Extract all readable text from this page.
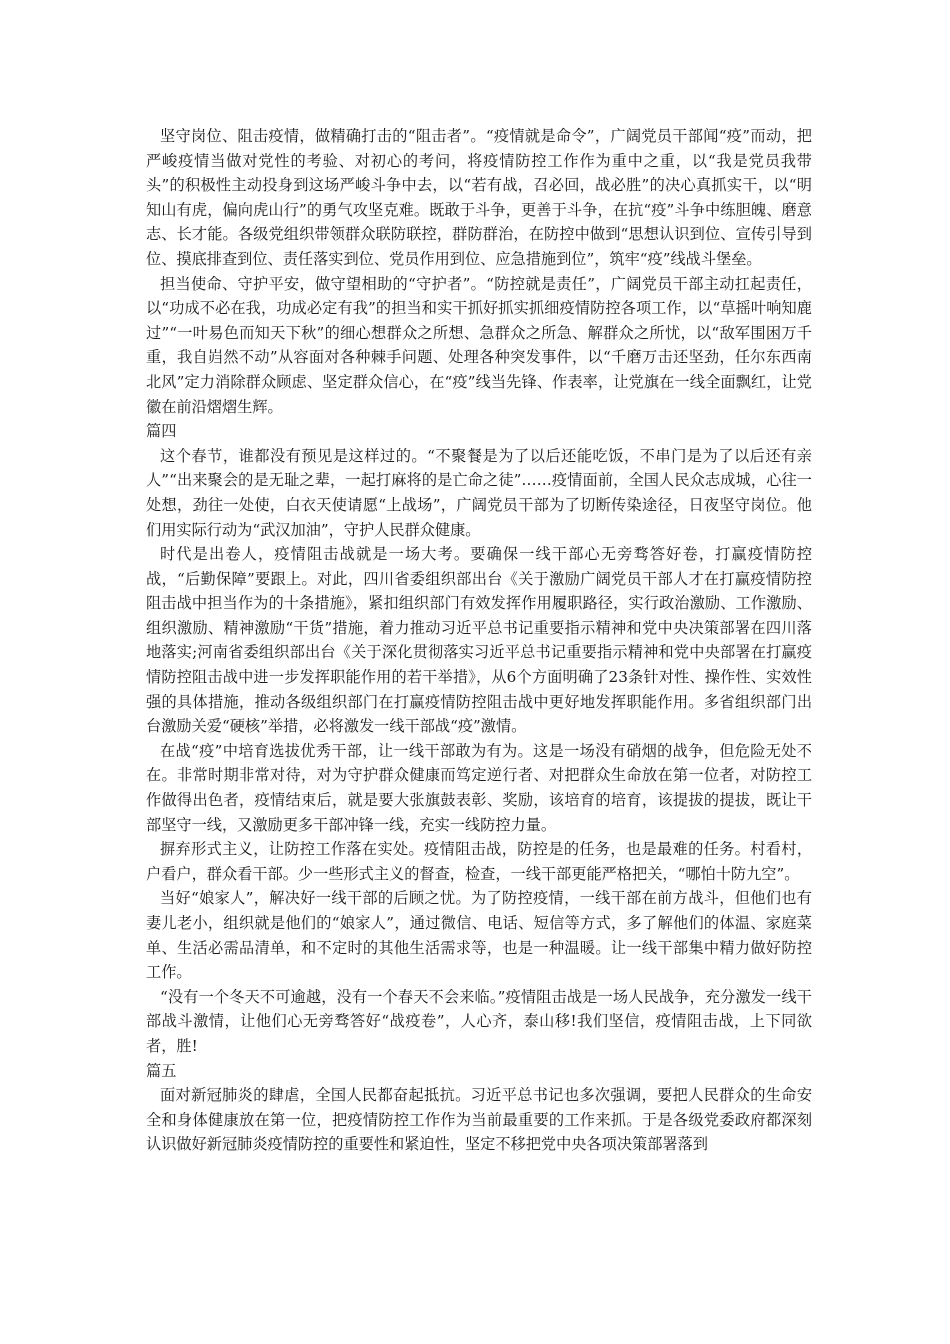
坚守岗位、阻击疫情，做精确打击的“阻击者”。“疫情就是命令”，广阔党员干部闻“疫”而动，把严峻疫情当做对党性的考验、对初心的考问，将疫情防控工作作为重中之重，以“我是党员我带头”的积极性主动投身到这场严峻斗争中去，以“若有战，召必回，战必胜”的决心真抓实干，以“明知山有虎，偏向虎山行”的勇气攻坚克难。既敢于斗争，更善于斗争，在抗“疫”斗争中练胆魄、磨意志、长才能。各级党组织带领群众联防联控，群防群治，在防控中做到“思想认识到位、宣传引导到位、摸底排查到位、责任落实到位、党员作用到位、应急措施到位”，筑牢“疫”线战斗堡垒。

担当使命、守护平安，做守望相助的“守护者”。“防控就是责任”，广阔党员干部主动扛起责任，以“功成不必在我，功成必定有我”的担当和实干抓好抓实抓细疫情防控各项工作，以“草摇叶响知鹿过”“一叶易色而知天下秋”的细心想群众之所想、急群众之所急、解群众之所忧，以“敌军围困万千重，我自岿然不动”从容面对各种棘手问题、处理各种突发事件，以“千磨万击还坚劲，任尔东西南北风”定力消除群众顾虑、坚定群众信心，在“疫”线当先锋、作表率，让党旗在一线全面飘红，让党徽在前沿熠熠生辉。

篇四

这个春节，谁都没有预见是这样过的。“不聚餐是为了以后还能吃饭，不串门是为了以后还有亲人”“出来聚会的是无耻之辈，一起打麻将的是亡命之徒”……疫情面前，全国人民众志成城，心往一处想，劲往一处使，白衣天使请愿“上战场”，广阔党员干部为了切断传染途径，日夜坚守岗位。他们用实际行动为“武汉加油”，守护人民群众健康。

时代是出卷人，疫情阻击战就是一场大考。要确保一线干部心无旁骛答好卷，打赢疫情防控战，“后勤保障”要跟上。对此，四川省委组织部出台《关于激励广阔党员干部人才在打赢疫情防控阻击战中担当作为的十条措施》，紧扣组织部门有效发挥作用履职路径，实行政治激励、工作激励、组织激励、精神激励“干货”措施，着力推动习近平总书记重要指示精神和党中央决策部署在四川落地落实;河南省委组织部出台《关于深化贯彻落实习近平总书记重要指示精神和党中央部署在打赢疫情防控阻击战中进一步发挥职能作用的若干举措》，从6个方面明确了23条针对性、操作性、实效性强的具体措施，推动各级组织部门在打赢疫情防控阻击战中更好地发挥职能作用。多省组织部门出台激励关爱“硬核”举措，必将激发一线干部战“疫”激情。

在战“疫”中培育选拔优秀干部，让一线干部敢为有为。这是一场没有硝烟的战争，但危险无处不在。非常时期非常对待，对为守护群众健康而笃定逆行者、对把群众生命放在第一位者，对防控工作做得出色者，疫情结束后，就是要大张旗鼓表彰、奖励，该培育的培育，该提拔的提拔，既让干部坚守一线，又激励更多干部冲锋一线，充实一线防控力量。

摒弃形式主义，让防控工作落在实处。疫情阻击战，防控是的任务，也是最难的任务。村看村，户看户，群众看干部。少一些形式主义的督查，检查，一线干部更能严格把关，“哪怕十防九空”。

当好“娘家人”，解决好一线干部的后顾之忧。为了防控疫情，一线干部在前方战斗，但他们也有妻儿老小，组织就是他们的“娘家人”，通过微信、电话、短信等方式，多了解他们的体温、家庭菜单、生活必需品清单，和不定时的其他生活需求等，也是一种温暖。让一线干部集中精力做好防控工作。

“没有一个冬天不可逾越，没有一个春天不会来临。”疫情阻击战是一场人民战争，充分激发一线干部战斗激情，让他们心无旁骛答好“战疫卷”，人心齐，泰山移!我们坚信，疫情阻击战，上下同欲者，胜!

篇五

面对新冠肺炎的肆虐，全国人民都奋起抵抗。习近平总书记也多次强调，要把人民群众的生命安全和身体健康放在第一位，把疫情防控工作作为当前最重要的工作来抓。于是各级党委政府都深刻认识做好新冠肺炎疫情防控的重要性和紧迫性，坚定不移把党中央各项决策部署落到
